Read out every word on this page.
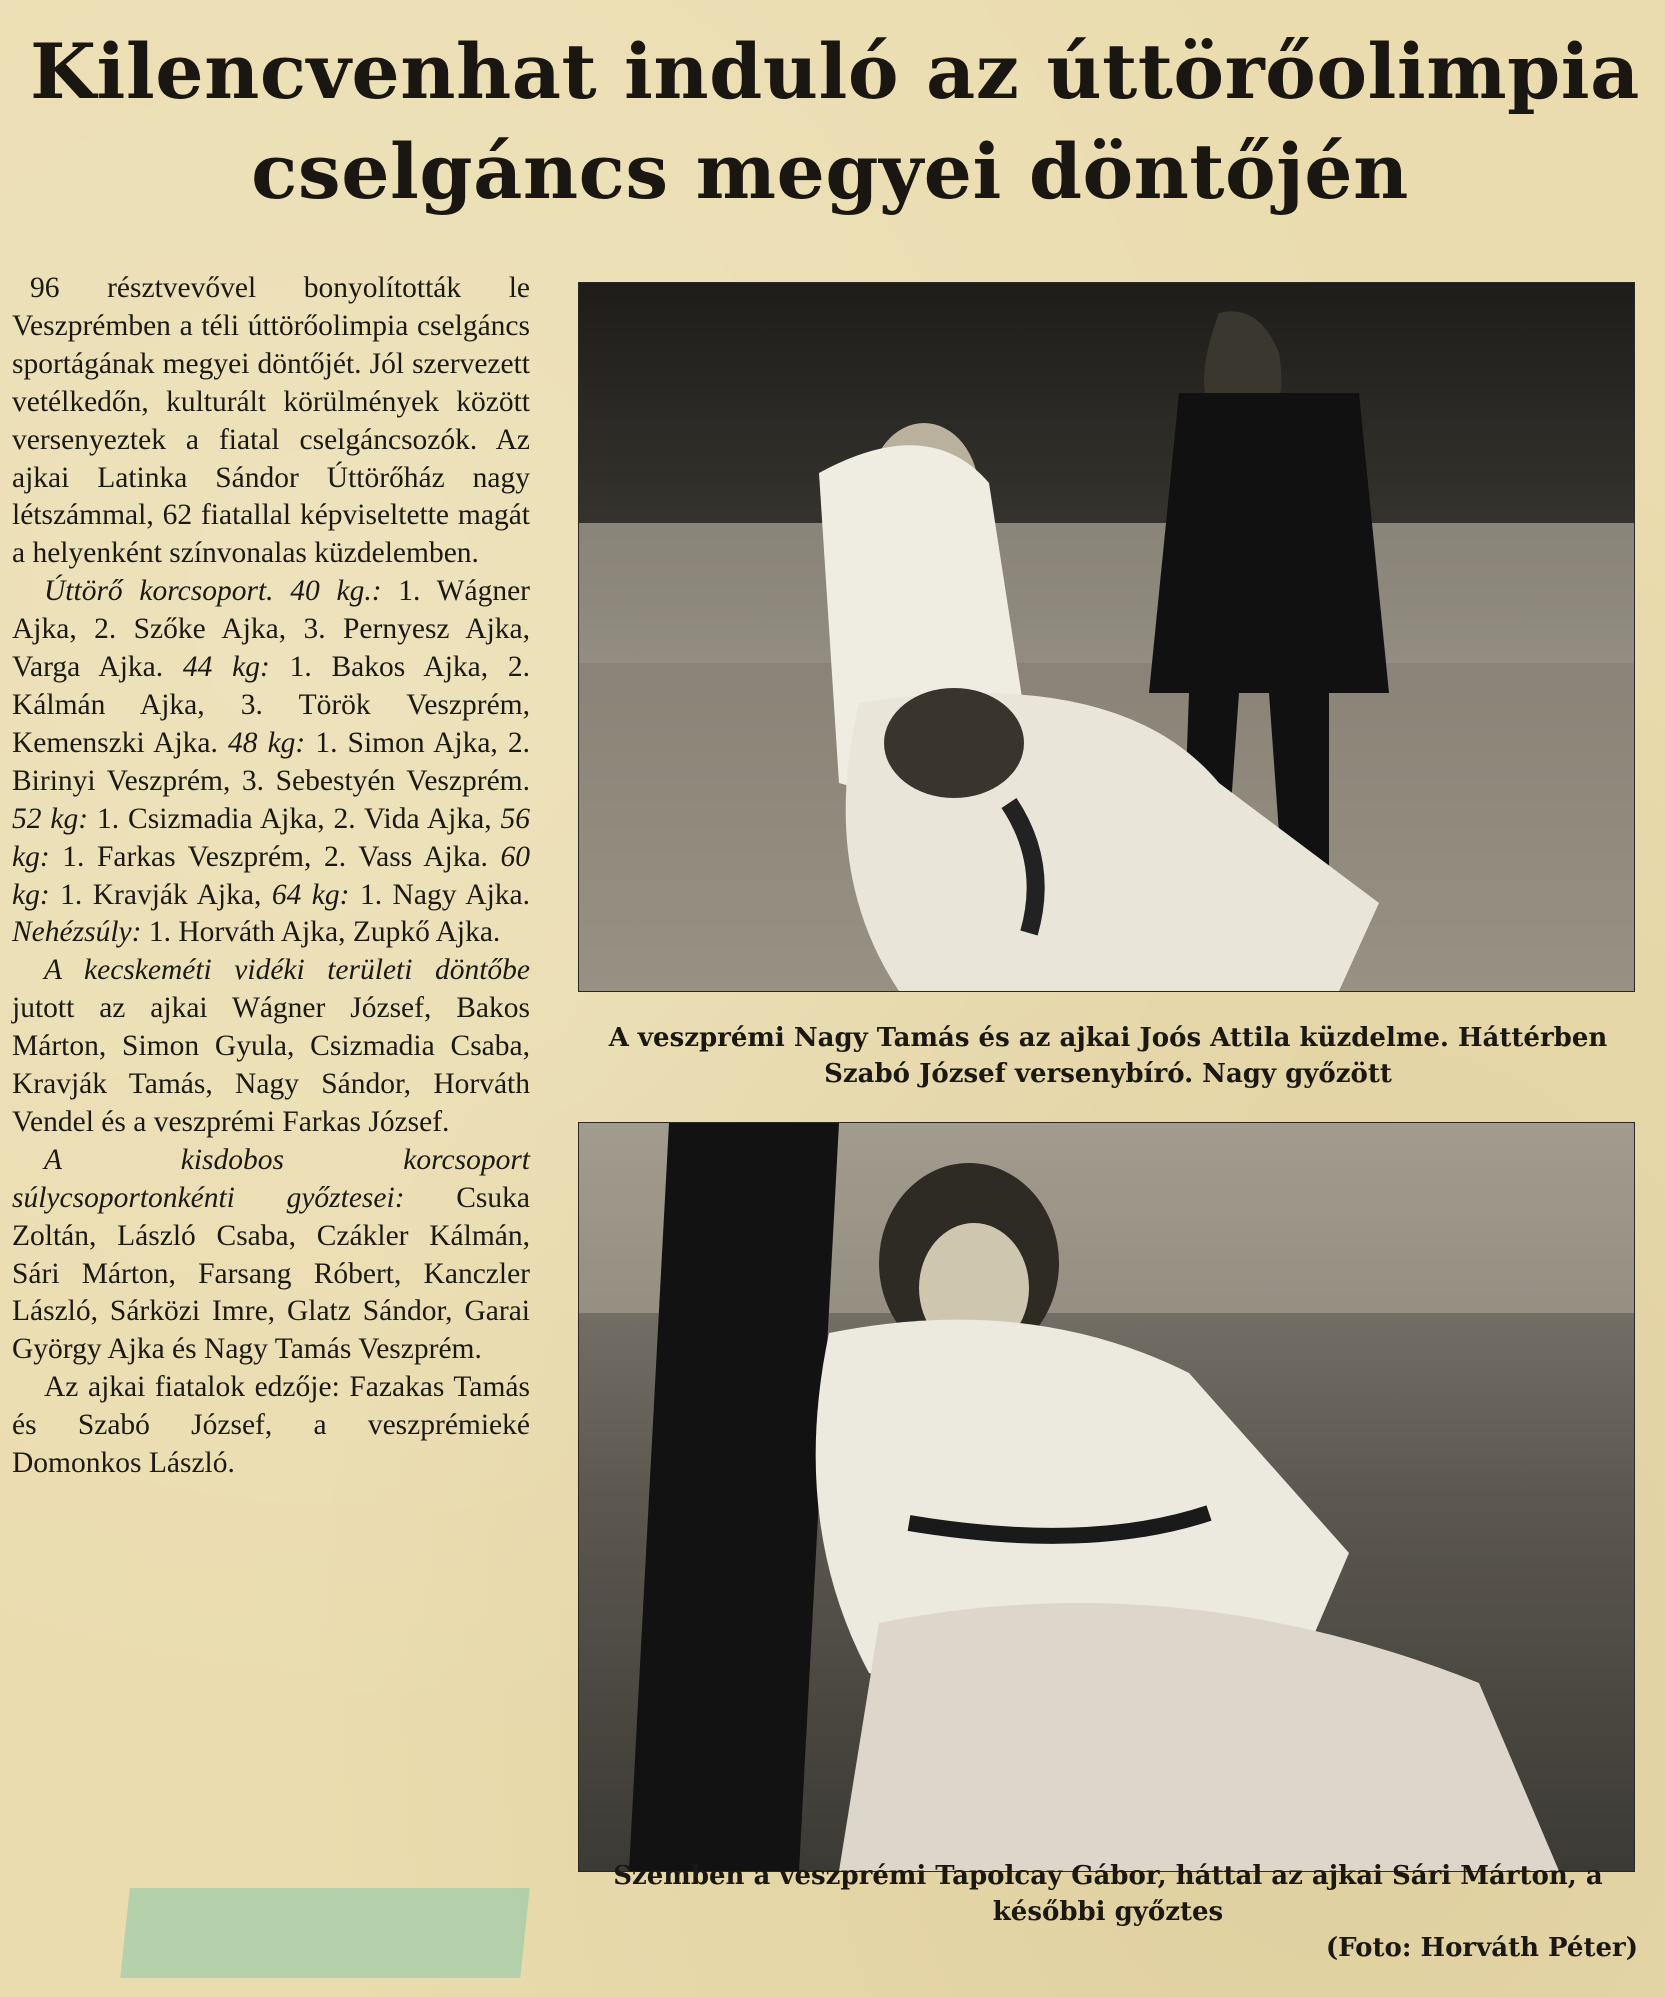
Kilencvenhat induló az úttörőolimpia
cselgáncs megyei döntőjén

96 résztvevővel bonyolították le Veszprémben a téli úttörőolimpia cselgáncs sportágának megyei döntőjét. Jól szervezett vetélkedőn, kulturált körülmények között versenyeztek a fiatal cselgáncsozók. Az ajkai Latinka Sándor Úttörőház nagy létszámmal, 62 fiatallal képviseltette magát a helyenként színvonalas küzdelemben.

Úttörő korcsoport. 40 kg.: 1. Wágner Ajka, 2. Szőke Ajka, 3. Pernyesz Ajka, Varga Ajka. 44 kg: 1. Bakos Ajka, 2. Kálmán Ajka, 3. Török Veszprém, Kemenszki Ajka. 48 kg: 1. Simon Ajka, 2. Birinyi Veszprém, 3. Sebestyén Veszprém. 52 kg: 1. Csizmadia Ajka, 2. Vida Ajka, 56 kg: 1. Farkas Veszprém, 2. Vass Ajka. 60 kg: 1. Kravják Ajka, 64 kg: 1. Nagy Ajka. Nehézsúly: 1. Horváth Ajka, Zupkő Ajka.

A kecskeméti vidéki területi döntőbe jutott az ajkai Wágner József, Bakos Márton, Simon Gyula, Csizmadia Csaba, Kravják Tamás, Nagy Sándor, Horváth Vendel és a veszprémi Farkas József.

A kisdobos korcsoport súlycsoportonkénti győztesei: Csuka Zoltán, László Csaba, Czákler Kálmán, Sári Márton, Farsang Róbert, Kanczler László, Sárközi Imre, Glatz Sándor, Garai György Ajka és Nagy Tamás Veszprém.

Az ajkai fiatalok edzője: Fazakas Tamás és Szabó József, a veszprémieké Domonkos László.

A veszprémi Nagy Tamás és az ajkai Joós Attila küzdelme. Háttérben Szabó József versenybíró. Nagy győzött
Szemben a veszprémi Tapolcay Gábor, háttal az ajkai Sári Márton, a későbbi győztes
(Foto: Horváth Péter)
